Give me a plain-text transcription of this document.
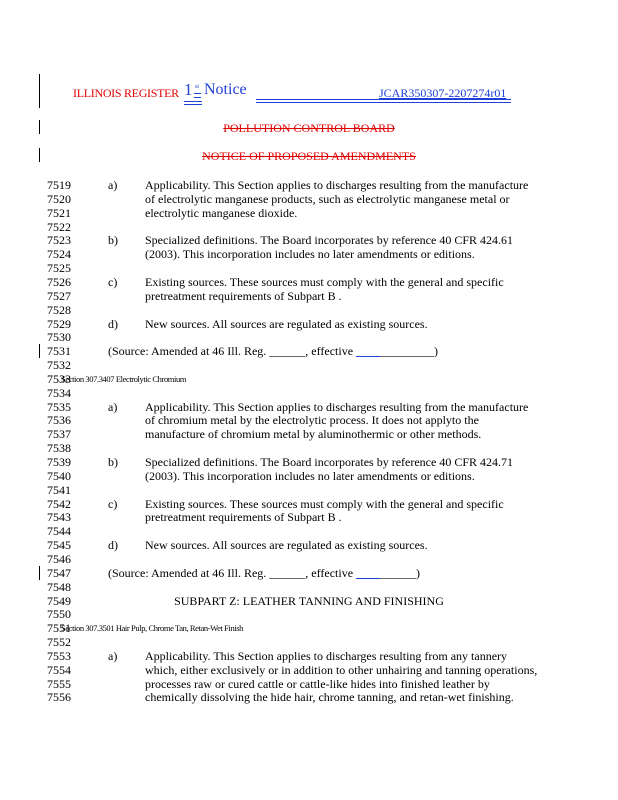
ILLINOIS REGISTER 1 st Notice	JCAR350307-2207274r01
POLLUTION CONTROL BOARD
NOTICE OF PROPOSED AMENDMENTS
7519	a) Applicability. This Section applies to discharges resulting from the manufacture
7520	of electrolytic manganese products, such as electrolytic manganese metal or
7521	electrolytic manganese dioxide.
7522
7523	b) Specialized definitions. The Board incorporates by reference 40 CFR 424.61
7524	(2003). This incorporation includes no later amendments or editions.
7525
7526	c) Existing sources. These sources must comply with the general and specific
7527	pretreatment requirements of Subpart B .
7528
7529	d) New sources. All sources are regulated as existing sources.
7530
7531	(Source: Amended at 46 Ill. Reg. ______, effective _____________)
7532
7533
Section 307.3407 Electrolytic Chromium
7534
7535	a) Applicability. This Section applies to discharges resulting from the manufacture
7536	of chromium metal by the electrolytic process. It does not applyto the
7537	manufacture of chromium metal by aluminothermic or other methods.
7538
7539	b) Specialized definitions. The Board incorporates by reference 40 CFR 424.71
7540	(2003). This incorporation includes no later amendments or editions.
7541
7542	c) Existing sources. These sources must comply with the general and specific
7543	pretreatment requirements of Subpart B .
7544
7545	d) New sources. All sources are regulated as existing sources.
7546
7547	(Source: Amended at 46 Ill. Reg. ______, effective __________)
7548
7549	SUBPART Z: LEATHER TANNING AND FINISHING
7550
7551
Section 307.3501 Hair Pulp, Chrome Tan, Retan-Wet Finish
7552
7553	a) Applicability. This Section applies to discharges resulting from any tannery
7554	which, either exclusively or in addition to other unhairing and tanning operations,
7555	processes raw or cured cattle or cattle-like hides into finished leather by
7556	chemically dissolving the hide hair, chrome tanning, and retan-wet finishing.
